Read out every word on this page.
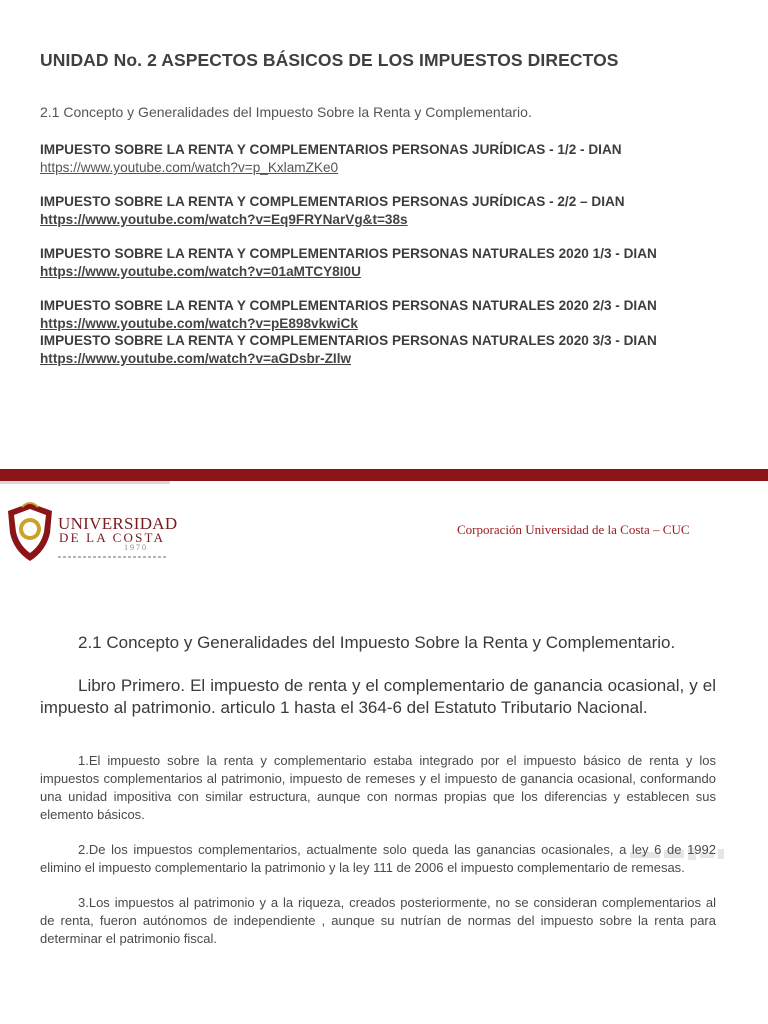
UNIDAD No. 2 ASPECTOS BÁSICOS DE LOS IMPUESTOS DIRECTOS
2.1 Concepto y Generalidades del Impuesto Sobre la Renta y Complementario.
IMPUESTO SOBRE LA RENTA Y COMPLEMENTARIOS PERSONAS JURÍDICAS - 1/2 - DIAN
https://www.youtube.com/watch?v=p_KxlamZKe0
IMPUESTO SOBRE LA RENTA Y COMPLEMENTARIOS PERSONAS JURÍDICAS - 2/2 – DIAN
https://www.youtube.com/watch?v=Eq9FRYNarVg&t=38s
IMPUESTO SOBRE LA RENTA Y COMPLEMENTARIOS PERSONAS NATURALES 2020 1/3 - DIAN
https://www.youtube.com/watch?v=01aMTCY8I0U
IMPUESTO SOBRE LA RENTA Y COMPLEMENTARIOS PERSONAS NATURALES 2020 2/3 - DIAN
https://www.youtube.com/watch?v=pE898vkwiCk
IMPUESTO SOBRE LA RENTA Y COMPLEMENTARIOS PERSONAS NATURALES 2020 3/3 - DIAN
https://www.youtube.com/watch?v=aGDsbr-ZIlw
UNIVERSIDAD
DE LA COSTA
1970
Corporación Universidad de la Costa – CUC

2.1 Concepto y Generalidades del Impuesto Sobre la Renta y Complementario.

Libro Primero. El impuesto de renta y el complementario de ganancia ocasional, y el impuesto al patrimonio. articulo 1 hasta el 364-6 del Estatuto Tributario Nacional.

1.El impuesto sobre la renta y complementario estaba integrado por el impuesto básico de renta y los impuestos complementarios al patrimonio, impuesto de remeses y el impuesto de ganancia ocasional, conformando una unidad impositiva con similar estructura, aunque con normas propias que los diferencias y establecen sus elemento básicos.

2.De los impuestos complementarios, actualmente solo queda las ganancias ocasionales, a ley 6 de 1992 elimino el impuesto complementario la patrimonio y la ley 111 de 2006 el impuesto complementario de remesas.

3.Los impuestos al patrimonio y a la riqueza, creados posteriormente, no se consideran complementarios al de renta, fueron autónomos de independiente , aunque su nutrían de normas del impuesto sobre la renta para determinar el patrimonio fiscal.
